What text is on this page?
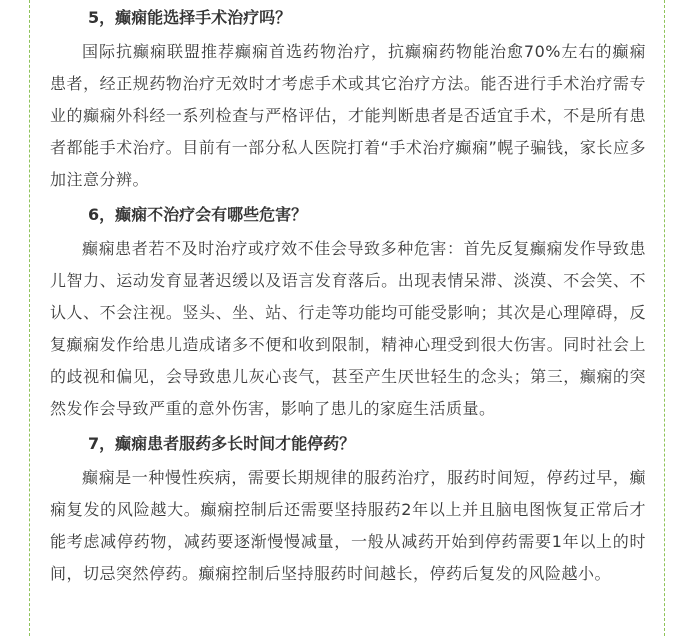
5，癫痫能选择手术治疗吗？

国际抗癫痫联盟推荐癫痫首选药物治疗，抗癫痫药物能治愈70%左右的癫痫患者，经正规药物治疗无效时才考虑手术或其它治疗方法。能否进行手术治疗需专业的癫痫外科经一系列检查与严格评估，才能判断患者是否适宜手术，不是所有患者都能手术治疗。目前有一部分私人医院打着“手术治疗癫痫”幌子骗钱，家长应多加注意分辨。

6，癫痫不治疗会有哪些危害？

癫痫患者若不及时治疗或疗效不佳会导致多种危害：首先反复癫痫发作导致患儿智力、运动发育显著迟缓以及语言发育落后。出现表情呆滞、淡漠、不会笑、不认人、不会注视。竖头、坐、站、行走等功能均可能受影响；其次是心理障碍，反复癫痫发作给患儿造成诸多不便和收到限制，精神心理受到很大伤害。同时社会上的歧视和偏见，会导致患儿灰心丧气，甚至产生厌世轻生的念头；第三，癫痫的突然发作会导致严重的意外伤害，影响了患儿的家庭生活质量。

7，癫痫患者服药多长时间才能停药？

癫痫是一种慢性疾病，需要长期规律的服药治疗，服药时间短，停药过早，癫痫复发的风险越大。癫痫控制后还需要坚持服药2年以上并且脑电图恢复正常后才能考虑减停药物，减药要逐渐慢慢减量，一般从减药开始到停药需要1年以上的时间，切忌突然停药。癫痫控制后坚持服药时间越长，停药后复发的风险越小。
